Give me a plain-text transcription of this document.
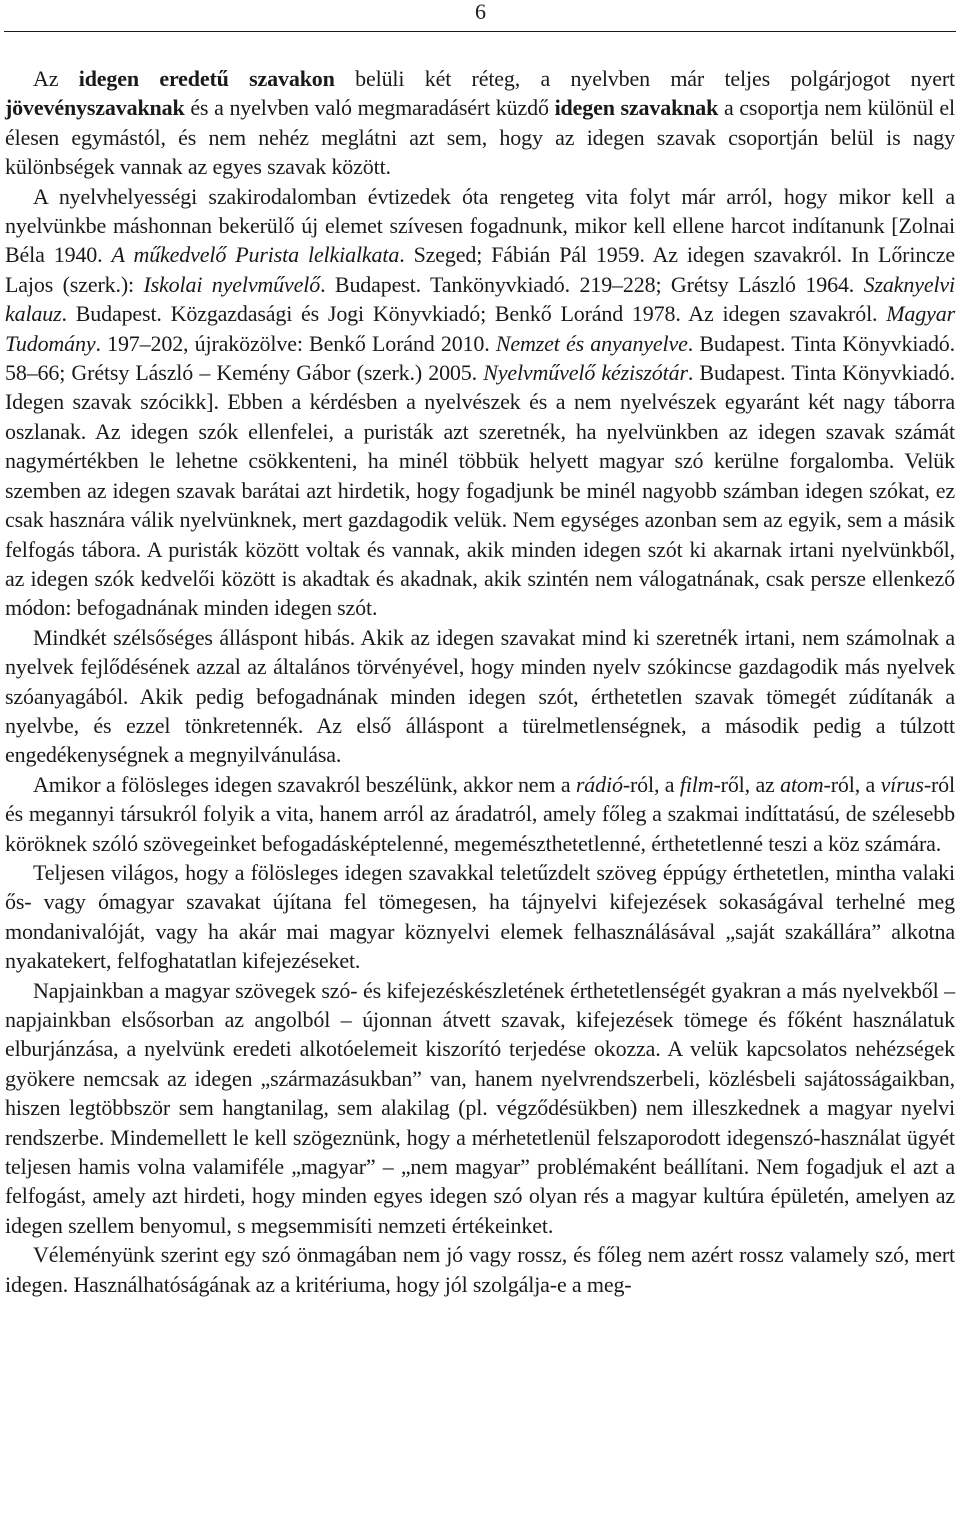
6

Az idegen eredetű szavakon belüli két réteg, a nyelvben már teljes polgárjogot nyert jövevényszavaknak és a nyelvben való megmaradásért küzdő idegen szavaknak a csoportja nem különül el élesen egymástól, és nem nehéz meglátni azt sem, hogy az idegen szavak csoportján belül is nagy különbségek vannak az egyes szavak között.

A nyelvhelyességi szakirodalomban évtizedek óta rengeteg vita folyt már arról, hogy mikor kell a nyelvünkbe máshonnan bekerülő új elemet szívesen fogadnunk, mikor kell ellene harcot indítanunk [Zolnai Béla 1940. A műkedvelő Purista lelkialkata. Szeged; Fábián Pál 1959. Az idegen szavakról. In Lőrincze Lajos (szerk.): Iskolai nyelvművelő. Budapest. Tankönyvkiadó. 219–228; Grétsy László 1964. Szaknyelvi kalauz. Budapest. Közgazdasági és Jogi Könyvkiadó; Benkő Loránd 1978. Az idegen szavakról. Magyar Tudomány. 197–202, újraközölve: Benkő Loránd 2010. Nemzet és anyanyelve. Budapest. Tinta Könyvkiadó. 58–66; Grétsy László – Kemény Gábor (szerk.) 2005. Nyelvművelő kéziszótár. Budapest. Tinta Könyvkiadó. Idegen szavak szócikk]. Ebben a kérdésben a nyelvészek és a nem nyelvészek egyaránt két nagy táborra oszlanak. Az idegen szók ellenfelei, a puristák azt szeretnék, ha nyelvünkben az idegen szavak számát nagymértékben le lehetne csökkenteni, ha minél többük helyett magyar szó kerülne forgalomba. Velük szemben az idegen szavak barátai azt hirdetik, hogy fogadjunk be minél nagyobb számban idegen szókat, ez csak hasznára válik nyelvünknek, mert gazdagodik velük. Nem egységes azonban sem az egyik, sem a másik felfogás tábora. A puristák között voltak és vannak, akik minden idegen szót ki akarnak irtani nyelvünkből, az idegen szók kedvelői között is akadtak és akadnak, akik szintén nem válogatnának, csak persze ellenkező módon: befogadnának minden idegen szót.

Mindkét szélsőséges álláspont hibás. Akik az idegen szavakat mind ki szeretnék irtani, nem számolnak a nyelvek fejlődésének azzal az általános törvényével, hogy minden nyelv szókincse gazdagodik más nyelvek szóanyagából. Akik pedig befogadnának minden idegen szót, érthetetlen szavak tömegét zúdítanák a nyelvbe, és ezzel tönkretennék. Az első álláspont a türelmetlenségnek, a második pedig a túlzott engedékenységnek a megnyilvánulása.

Amikor a fölösleges idegen szavakról beszélünk, akkor nem a rádió-ról, a film-ről, az atom-ról, a vírus-ról és megannyi társukról folyik a vita, hanem arról az áradatról, amely főleg a szakmai indíttatású, de szélesebb köröknek szóló szövegeinket befogadásképtelenné, megemészthetetlenné, érthetetlenné teszi a köz számára.

Teljesen világos, hogy a fölösleges idegen szavakkal teletűzdelt szöveg éppúgy érthetetlen, mintha valaki ős- vagy ómagyar szavakat újítana fel tömegesen, ha tájnyelvi kifejezések sokaságával terhelné meg mondanivalóját, vagy ha akár mai magyar köznyelvi elemek felhasználásával „saját szakállára” alkotna nyakatekert, felfoghatatlan kifejezéseket.

Napjainkban a magyar szövegek szó- és kifejezéskészletének érthetetlenségét gyakran a más nyelvekből – napjainkban elsősorban az angolból – újonnan átvett szavak, kifejezések tömege és főként használatuk elburjánzása, a nyelvünk eredeti alkotóelemeit kiszorító terjedése okozza. A velük kapcsolatos nehézségek gyökere nemcsak az idegen „származásukban” van, hanem nyelvrendszerbeli, közlésbeli sajátosságaikban, hiszen legtöbbször sem hangtanilag, sem alakilag (pl. végződésükben) nem illeszkednek a magyar nyelvi rendszerbe. Mindemellett le kell szögeznünk, hogy a mérhetetlenül felszaporodott idegenszó-használat ügyét teljesen hamis volna valamiféle „magyar” – „nem magyar” problémaként beállítani. Nem fogadjuk el azt a felfogást, amely azt hirdeti, hogy minden egyes idegen szó olyan rés a magyar kultúra épületén, amelyen az idegen szellem benyomul, s megsemmisíti nemzeti értékeinket.

Véleményünk szerint egy szó önmagában nem jó vagy rossz, és főleg nem azért rossz valamely szó, mert idegen. Használhatóságának az a kritériuma, hogy jól szolgálja-e a meg-
